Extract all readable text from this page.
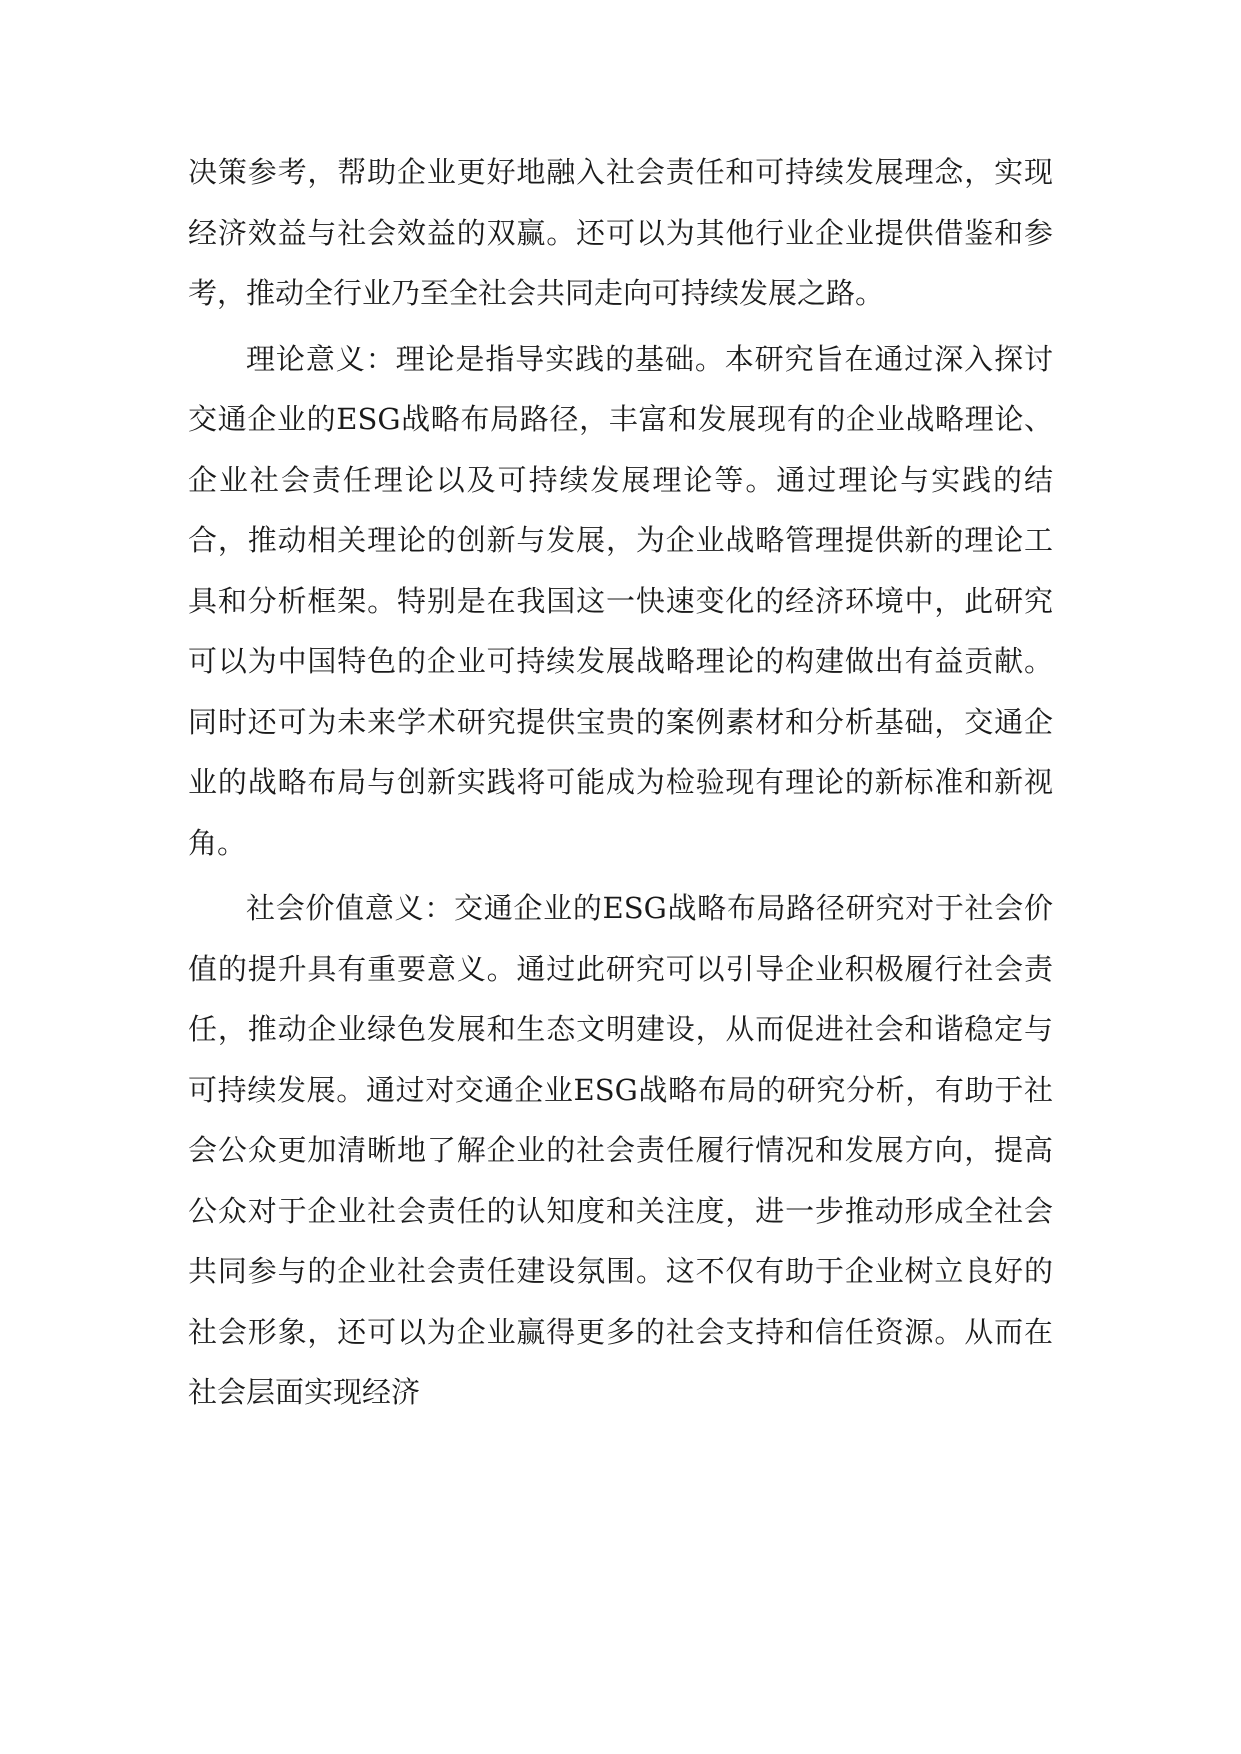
决策参考，帮助企业更好地融入社会责任和可持续发展理念，实现经济效益与社会效益的双赢。还可以为其他行业企业提供借鉴和参考，推动全行业乃至全社会共同走向可持续发展之路。

理论意义：理论是指导实践的基础。本研究旨在通过深入探讨交通企业的ESG战略布局路径，丰富和发展现有的企业战略理论、企业社会责任理论以及可持续发展理论等。通过理论与实践的结合，推动相关理论的创新与发展，为企业战略管理提供新的理论工具和分析框架。特别是在我国这一快速变化的经济环境中，此研究可以为中国特色的企业可持续发展战略理论的构建做出有益贡献。同时还可为未来学术研究提供宝贵的案例素材和分析基础，交通企业的战略布局与创新实践将可能成为检验现有理论的新标准和新视角。

社会价值意义：交通企业的ESG战略布局路径研究对于社会价值的提升具有重要意义。通过此研究可以引导企业积极履行社会责任，推动企业绿色发展和生态文明建设，从而促进社会和谐稳定与可持续发展。通过对交通企业ESG战略布局的研究分析，有助于社会公众更加清晰地了解企业的社会责任履行情况和发展方向，提高公众对于企业社会责任的认知度和关注度，进一步推动形成全社会共同参与的企业社会责任建设氛围。这不仅有助于企业树立良好的社会形象，还可以为企业赢得更多的社会支持和信任资源。从而在社会层面实现经济
